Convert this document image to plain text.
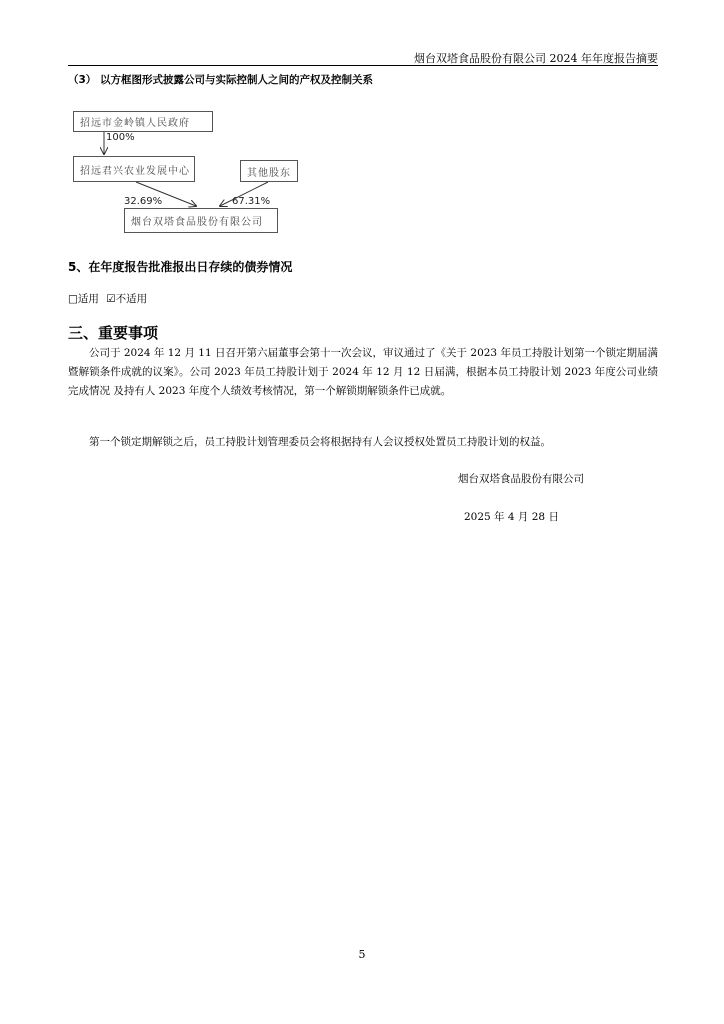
烟台双塔食品股份有限公司 2024 年年度报告摘要
（3） 以方框图形式披露公司与实际控制人之间的产权及控制关系
招远市金岭镇人民政府
100%
招远君兴农业发展中心	其他股东
32.69%	67.31%
烟台双塔食品股份有限公司
5、在年度报告批准报出日存续的债券情况
□适用 ☑不适用
三、重要事项
公司于 2024 年 12 月 11 日召开第六届董事会第十一次会议，审议通过了《关于 2023 年员工持股计划第一个锁定期届满暨解锁条件成就的议案》。公司 2023 年员工持股计划于 2024 年 12 月 12 日届满，根据本员工持股计划 2023 年度公司业绩完成情况 及持有人 2023 年度个人绩效考核情况，第一个解锁期解锁条件已成就。
第一个锁定期解锁之后，员工持股计划管理委员会将根据持有人会议授权处置员工持股计划的权益。
烟台双塔食品股份有限公司
2025 年 4 月 28 日
5
